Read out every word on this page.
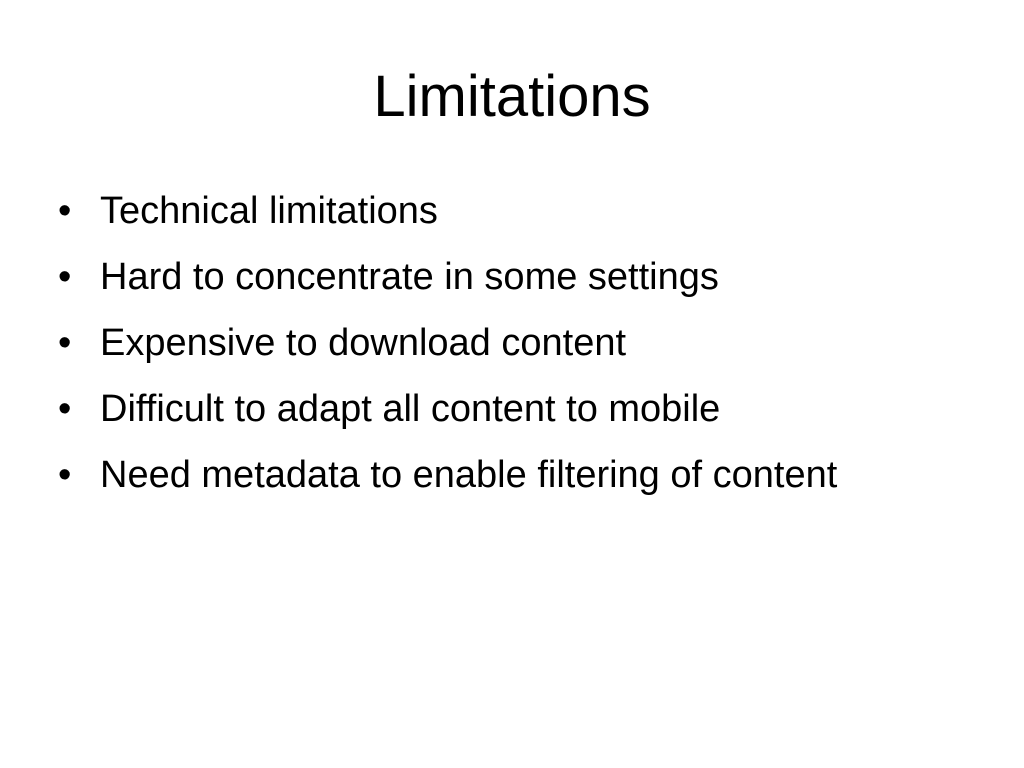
Limitations
• Technical limitations
• Hard to concentrate in some settings
• Expensive to download content
• Difficult to adapt all content to mobile
• Need metadata to enable filtering of content
